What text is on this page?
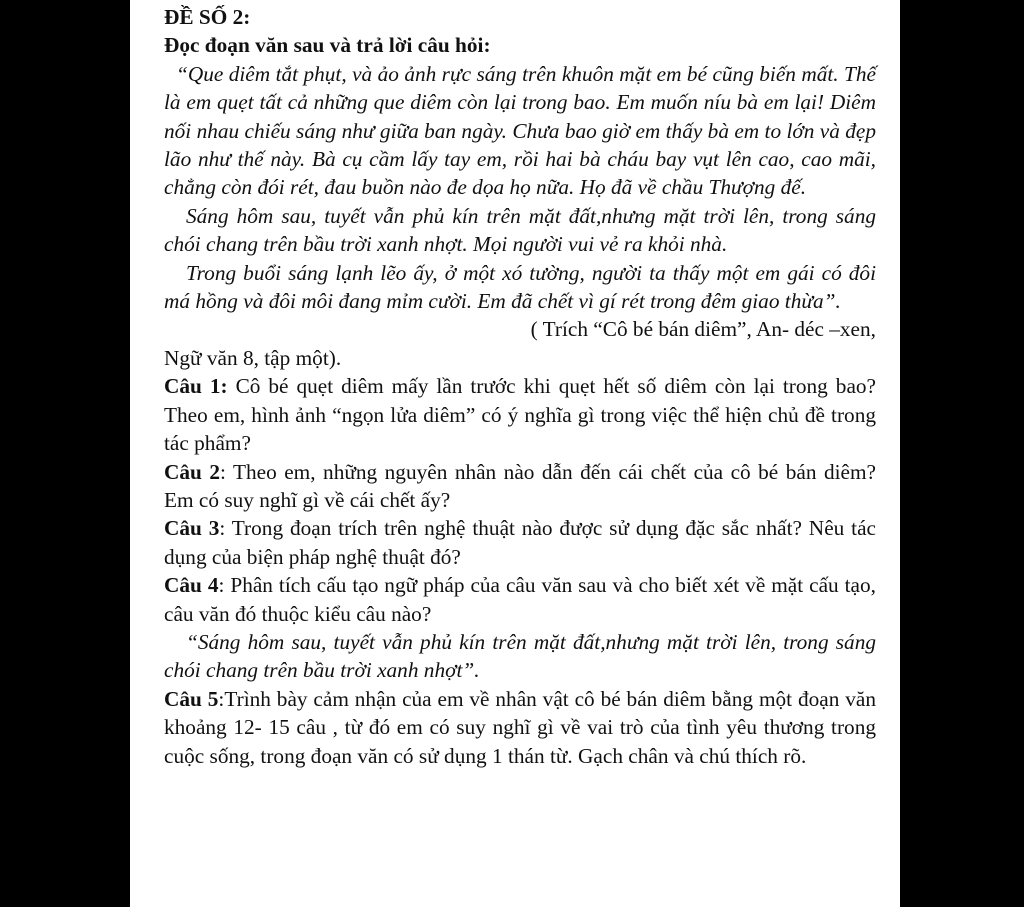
ĐỀ SỐ 2:

Đọc đoạn văn sau và trả lời câu hỏi:

“Que diêm tắt phụt, và ảo ảnh rực sáng trên khuôn mặt em bé cũng biến mất. Thế là em quẹt tất cả những que diêm còn lại trong bao. Em muốn níu bà em lại! Diêm nối nhau chiếu sáng như giữa ban ngày. Chưa bao giờ em thấy bà em to lớn và đẹp lão như thế này. Bà cụ cầm lấy tay em, rồi hai bà cháu bay vụt lên cao, cao mãi, chẳng còn đói rét, đau buồn nào đe dọa họ nữa. Họ đã về chầu Thượng đế.

Sáng hôm sau, tuyết vẫn phủ kín trên mặt đất,nhưng mặt trời lên, trong sáng chói chang trên bầu trời xanh nhợt. Mọi người vui vẻ ra khỏi nhà.

Trong buổi sáng lạnh lẽo ấy, ở một xó tường, người ta thấy một em gái có đôi má hồng và đôi môi đang mỉm cười. Em đã chết vì gí rét trong đêm giao thừa”.

( Trích “Cô bé bán diêm”, An- déc –xen,

Ngữ văn 8, tập một).

Câu 1: Cô bé quẹt diêm mấy lần trước khi quẹt hết số diêm còn lại trong bao? Theo em, hình ảnh “ngọn lửa diêm” có ý nghĩa gì trong việc thể hiện chủ đề trong tác phẩm?

Câu 2: Theo em, những nguyên nhân nào dẫn đến cái chết của cô bé bán diêm? Em có suy nghĩ gì về cái chết ấy?

Câu 3: Trong đoạn trích trên nghệ thuật nào được sử dụng đặc sắc nhất? Nêu tác dụng của biện pháp nghệ thuật đó?

Câu 4: Phân tích cấu tạo ngữ pháp của câu văn sau và cho biết xét về mặt cấu tạo, câu văn đó thuộc kiểu câu nào?

“Sáng hôm sau, tuyết vẫn phủ kín trên mặt đất,nhưng mặt trời lên, trong sáng chói chang trên bầu trời xanh nhợt”.

Câu 5:Trình bày cảm nhận của em về nhân vật cô bé bán diêm bằng một đoạn văn khoảng 12- 15 câu , từ đó em có suy nghĩ gì về vai trò của tình yêu thương trong cuộc sống, trong đoạn văn có sử dụng 1 thán từ. Gạch chân và chú thích rõ.
